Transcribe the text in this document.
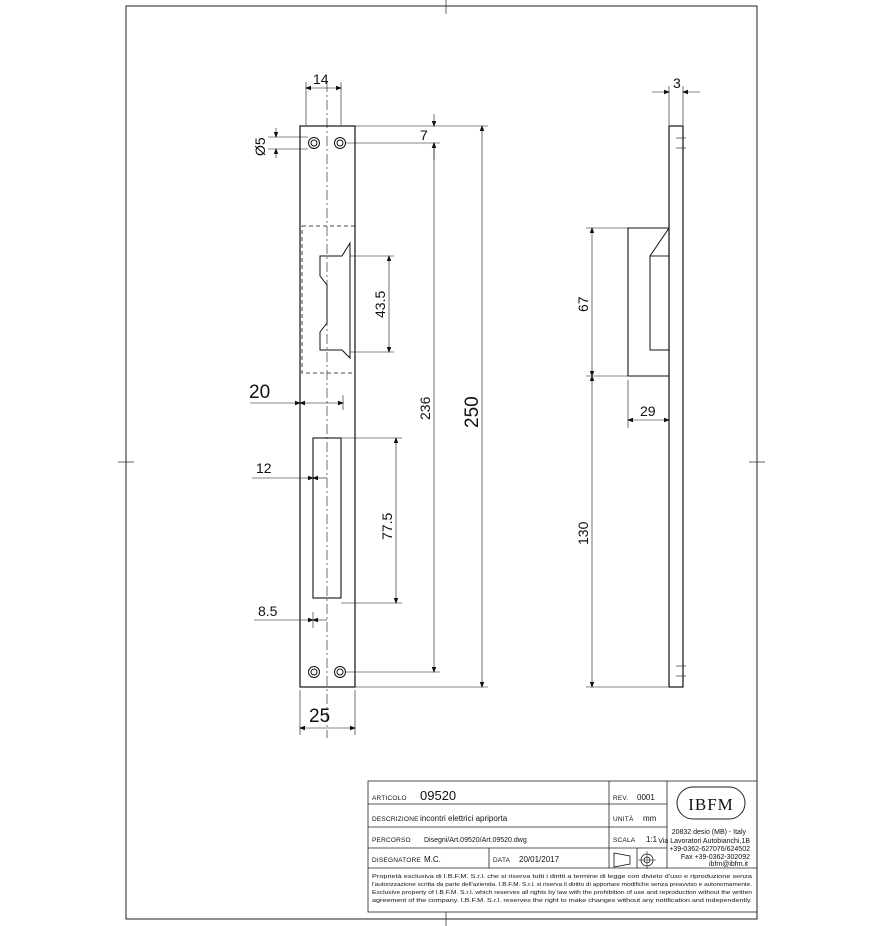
14
Ø5
7
43.5
20
236 250
12
77.5
8.5
25
3
67
29
130
ARTICOLO 09520	REV. 0001
DESCRIZIONE incontri elettrici apriporta	UNITÀ mm
PERCORSO Disegni/Art.09520/Art.09520.dwg	SCALA 1:1
DISEGNATORE M.C.	DATA 20/01/2017
IBFM
20832 desio (MB) - Italy
Via Lavoratori Autobianchi,1B
+39-0362-627076/624502
Fax +39-0362-302092
ibfm@ibfm.it
Proprietà esclusiva di I.B.F.M. S.r.l. che si riserva tutti i diritti a termine di legge con divieto d'uso e riproduzione senza
l'autorizzazione scritta da parte dell'azienda. I.B.F.M. S.r.l. si riserva il diritto di apportare modifiche senza preavviso e autonomamente.
Exclusive property of I.B.F.M. S.r.l. which reserves all rights by law with the prohibition of use and reproduction without the written
agreement of the company. I.B.F.M. S.r.l. reserves the right to make changes without any notification and independently.
